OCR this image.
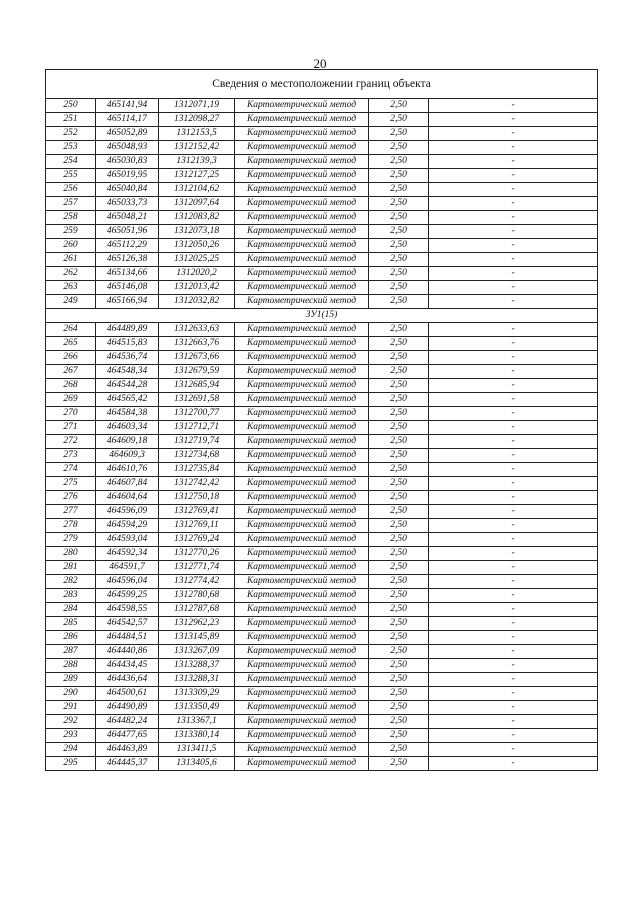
20
Сведения о местоположении границ объекта					
250	465141,94	1312071,19	Картометрический метод	2,50	-
251	465114,17	1312098,27	Картометрический метод	2,50	-
252	465052,89	1312153,5	Картометрический метод	2,50	-
253	465048,93	1312152,42	Картометрический метод	2,50	-
254	465030,83	1312139,3	Картометрический метод	2,50	-
255	465019,95	1312127,25	Картометрический метод	2,50	-
256	465040,84	1312104,62	Картометрический метод	2,50	-
257	465033,73	1312097,64	Картометрический метод	2,50	-
258	465048,21	1312083,82	Картометрический метод	2,50	-
259	465051,96	1312073,18	Картометрический метод	2,50	-
260	465112,29	1312050,26	Картометрический метод	2,50	-
261	465126,38	1312025,25	Картометрический метод	2,50	-
262	465134,66	1312020,2	Картометрический метод	2,50	-
263	465146,08	1312013,42	Картометрический метод	2,50	-
249	465166,94	1312032,82	Картометрический метод	2,50	-
ЗУ1(15)					
264	464489,89	1312633,63	Картометрический метод	2,50	-
265	464515,83	1312663,76	Картометрический метод	2,50	-
266	464536,74	1312673,66	Картометрический метод	2,50	-
267	464548,34	1312679,59	Картометрический метод	2,50	-
268	464544,28	1312685,94	Картометрический метод	2,50	-
269	464565,42	1312691,58	Картометрический метод	2,50	-
270	464584,38	1312700,77	Картометрический метод	2,50	-
271	464603,34	1312712,71	Картометрический метод	2,50	-
272	464609,18	1312719,74	Картометрический метод	2,50	-
273	464609,3	1312734,68	Картометрический метод	2,50	-
274	464610,76	1312735,84	Картометрический метод	2,50	-
275	464607,84	1312742,42	Картометрический метод	2,50	-
276	464604,64	1312750,18	Картометрический метод	2,50	-
277	464596,09	1312769,41	Картометрический метод	2,50	-
278	464594,29	1312769,11	Картометрический метод	2,50	-
279	464593,04	1312769,24	Картометрический метод	2,50	-
280	464592,34	1312770,26	Картометрический метод	2,50	-
281	464591,7	1312771,74	Картометрический метод	2,50	-
282	464596,04	1312774,42	Картометрический метод	2,50	-
283	464599,25	1312780,68	Картометрический метод	2,50	-
284	464598,55	1312787,68	Картометрический метод	2,50	-
285	464542,57	1312962,23	Картометрический метод	2,50	-
286	464484,51	1313145,89	Картометрический метод	2,50	-
287	464440,86	1313267,09	Картометрический метод	2,50	-
288	464434,45	1313288,37	Картометрический метод	2,50	-
289	464436,64	1313288,31	Картометрический метод	2,50	-
290	464500,61	1313309,29	Картометрический метод	2,50	-
291	464490,89	1313350,49	Картометрический метод	2,50	-
292	464482,24	1313367,1	Картометрический метод	2,50	-
293	464477,65	1313380,14	Картометрический метод	2,50	-
294	464463,89	1313411,5	Картометрический метод	2,50	-
295	464445,37	1313405,6	Картометрический метод	2,50	-
